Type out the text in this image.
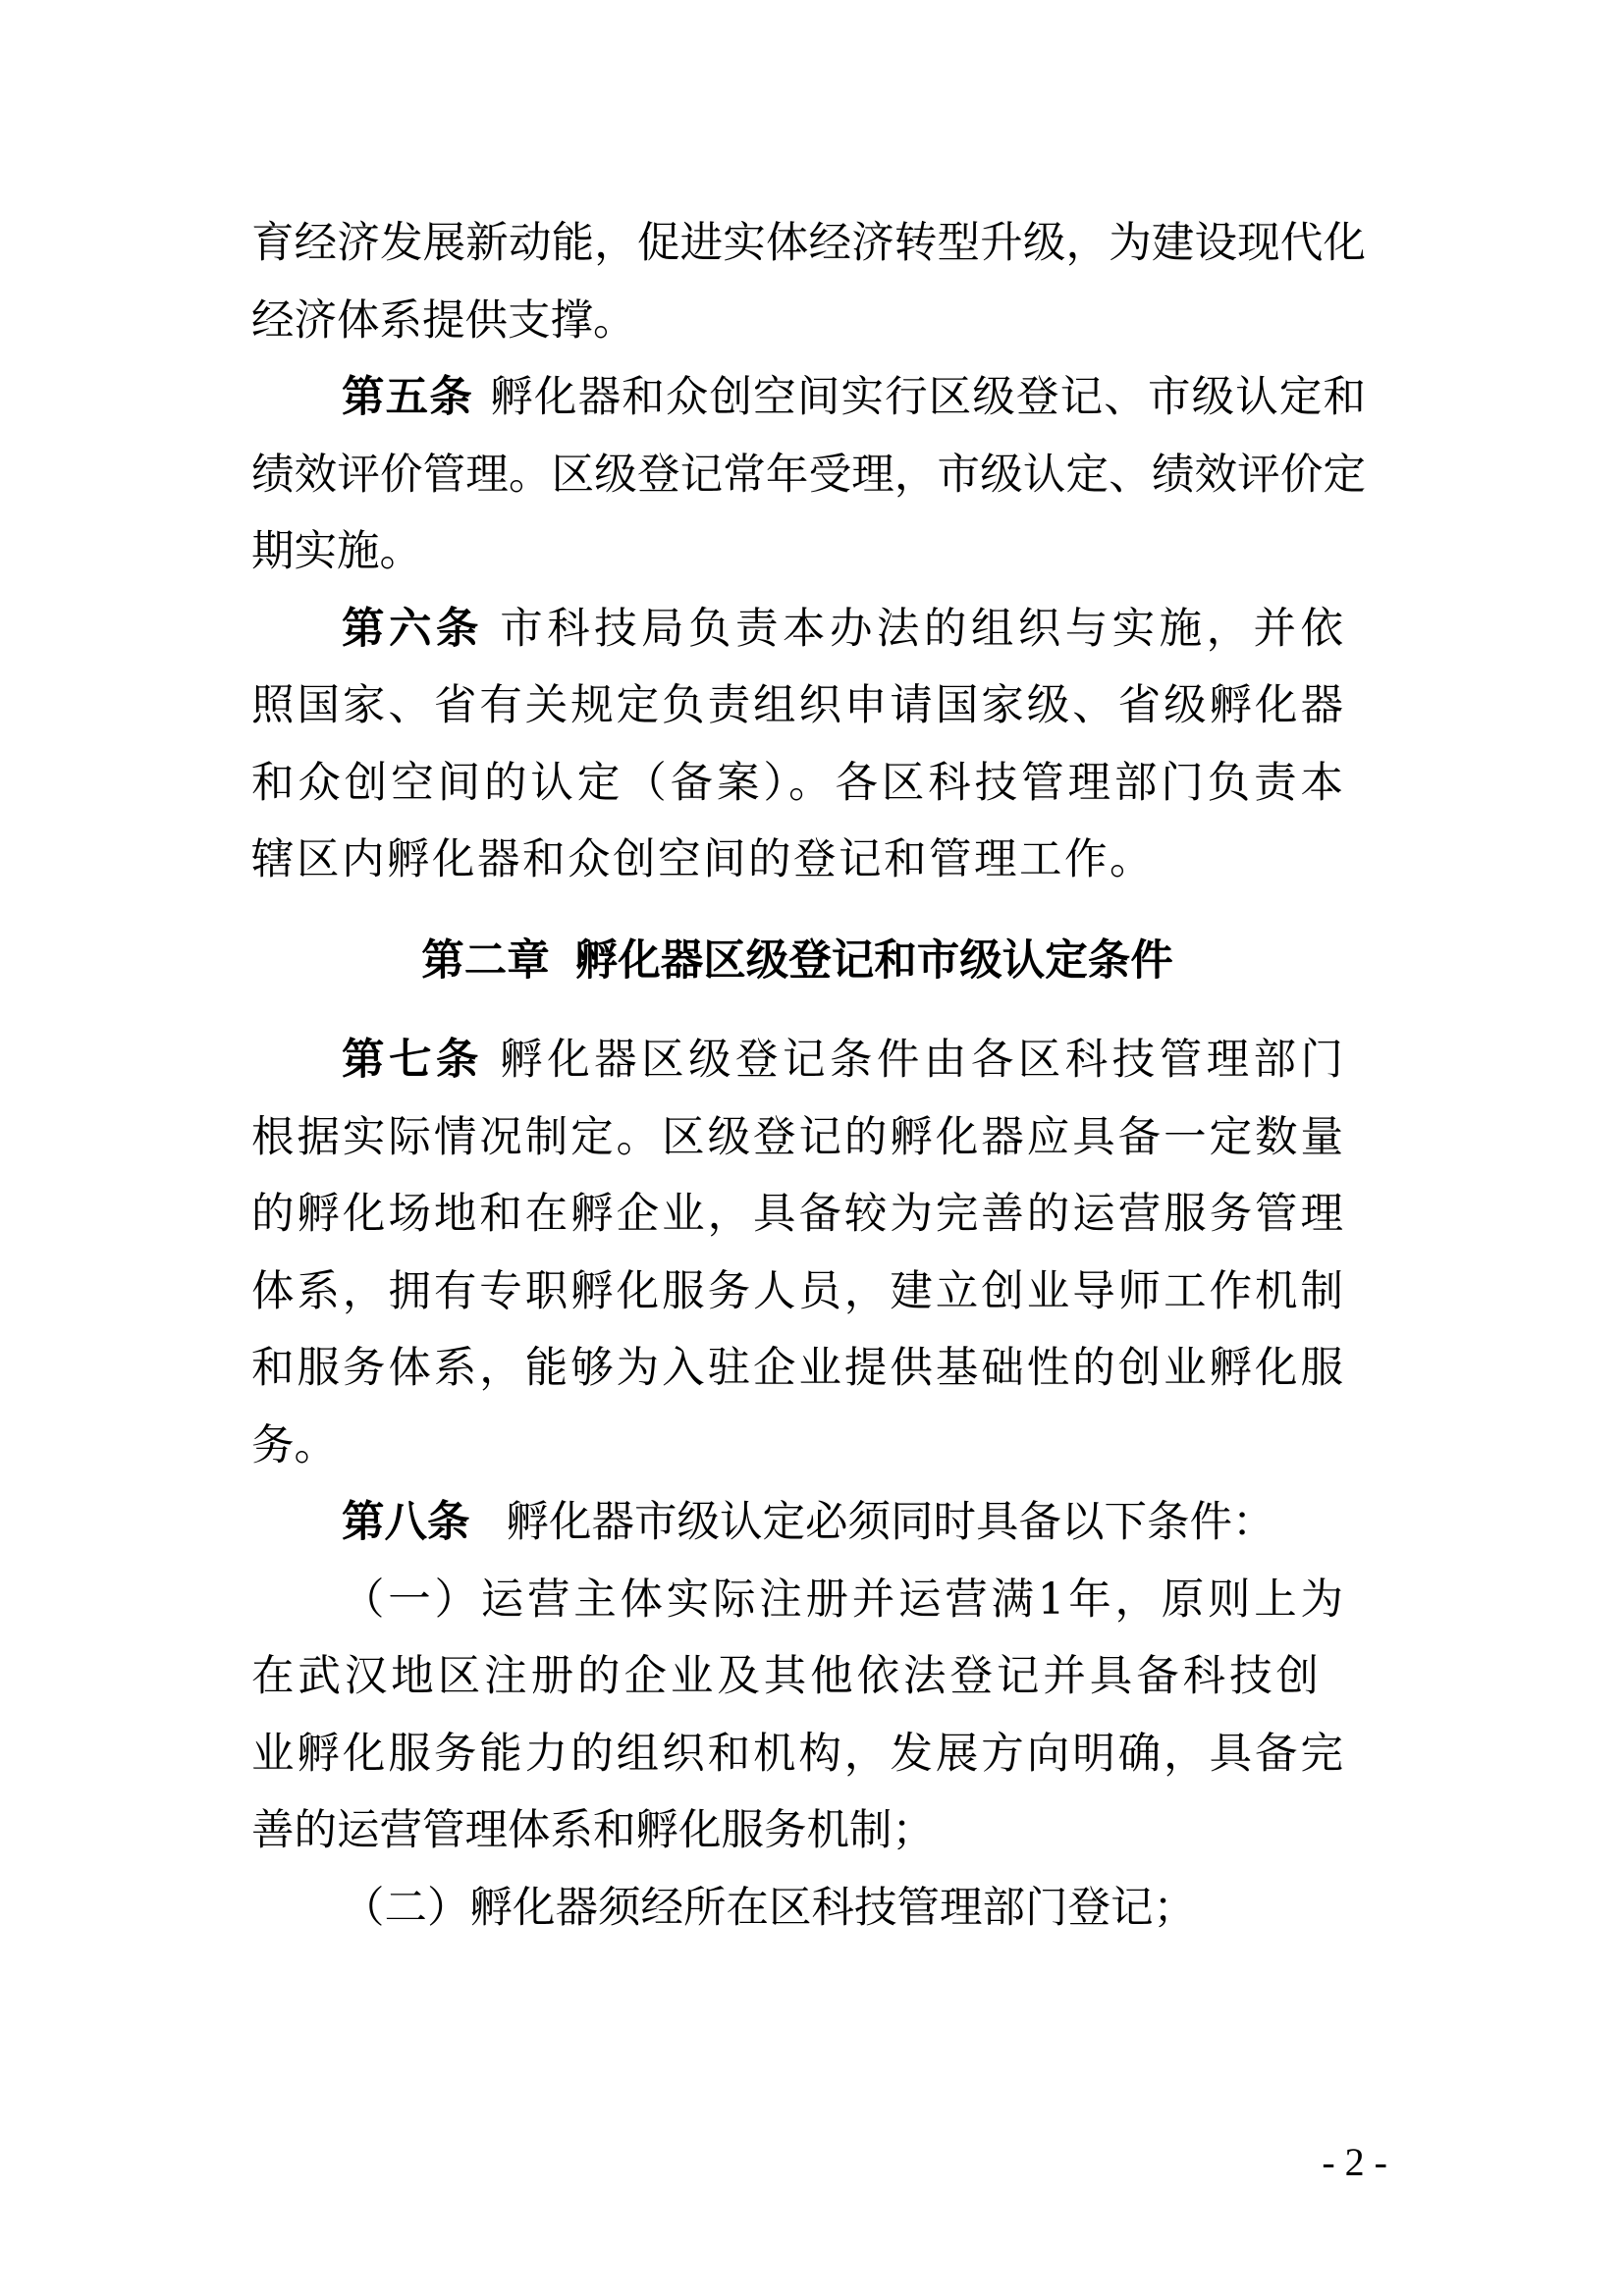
育经济发展新动能，促进实体经济转型升级，为建设现代化
经济体系提供支撑。
第五条 孵化器和众创空间实行区级登记、市级认定和
绩效评价管理。区级登记常年受理，市级认定、绩效评价定
期实施。
第六条 市科技局负责本办法的组织与实施，并依
照国家、省有关规定负责组织申请国家级、省级孵化器
和众创空间的认定（备案）。各区科技管理部门负责本
辖区内孵化器和众创空间的登记和管理工作。
第二章 孵化器区级登记和市级认定条件
第七条 孵化器区级登记条件由各区科技管理部门
根据实际情况制定。区级登记的孵化器应具备一定数量
的孵化场地和在孵企业，具备较为完善的运营服务管理
体系，拥有专职孵化服务人员，建立创业导师工作机制
和服务体系，能够为入驻企业提供基础性的创业孵化服
务。
第八条 孵化器市级认定必须同时具备以下条件：
（一）运营主体实际注册并运营满1年，原则上为
在武汉地区注册的企业及其他依法登记并具备科技创
业孵化服务能力的组织和机构，发展方向明确，具备完
善的运营管理体系和孵化服务机制；
（二）孵化器须经所在区科技管理部门登记；
- 2 -
